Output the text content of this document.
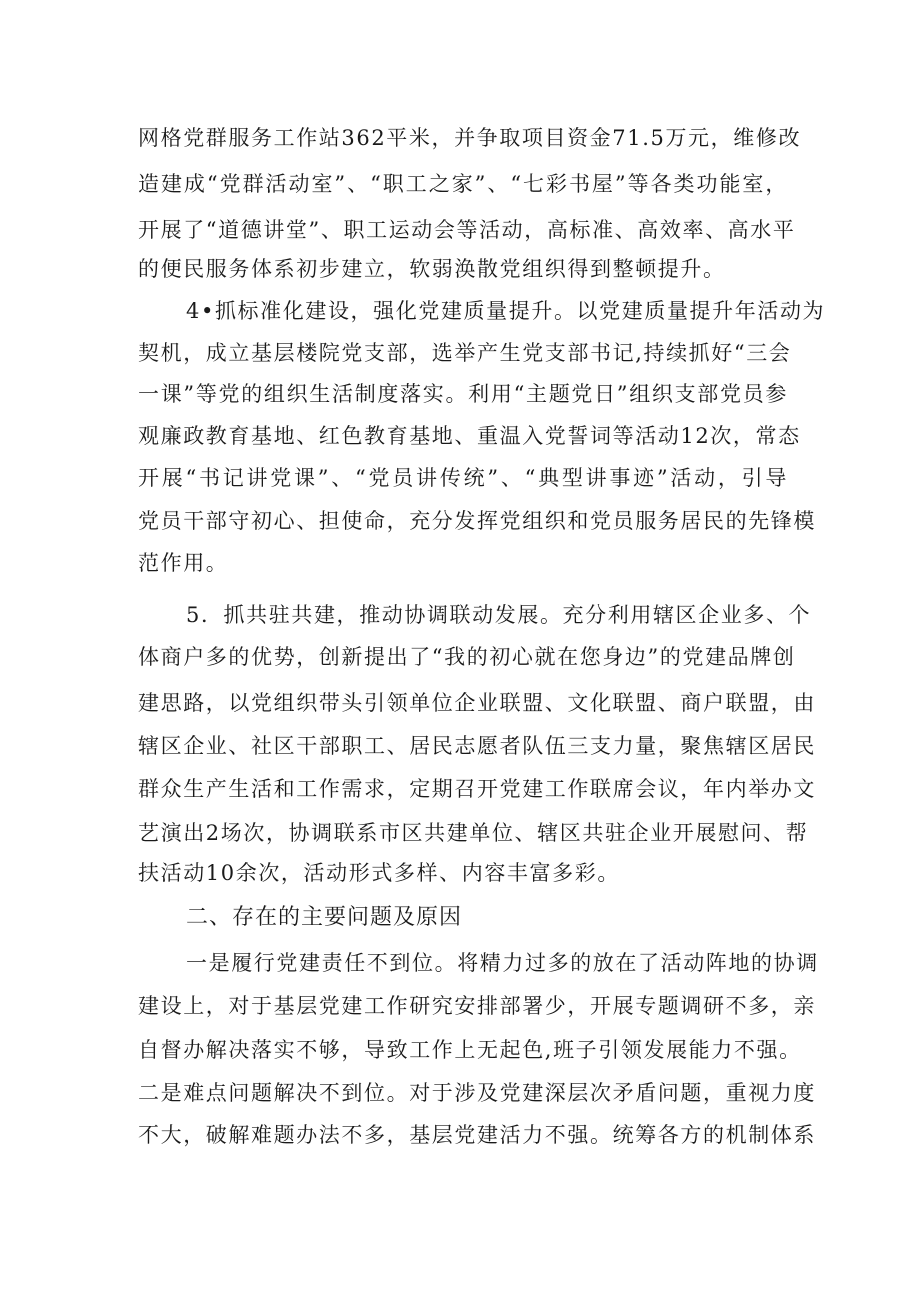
网格党群服务工作站362平米，并争取项目资金71.5万元，维修改
造建成“党群活动室”、“职工之家”、“七彩书屋”等各类功能室，
开展了“道德讲堂”、职工运动会等活动，高标准、高效率、高水平
的便民服务体系初步建立，软弱涣散党组织得到整顿提升。
4•抓标准化建设，强化党建质量提升。以党建质量提升年活动为
契机，成立基层楼院党支部，选举产生党支部书记,持续抓好“三会
一课”等党的组织生活制度落实。利用“主题党日”组织支部党员参
观廉政教育基地、红色教育基地、重温入党誓词等活动12次，常态
开展“书记讲党课”、“党员讲传统”、“典型讲事迹”活动，引导
党员干部守初心、担使命，充分发挥党组织和党员服务居民的先锋模
范作用。
5．抓共驻共建，推动协调联动发展。充分利用辖区企业多、个
体商户多的优势，创新提出了“我的初心就在您身边”的党建品牌创
建思路，以党组织带头引领单位企业联盟、文化联盟、商户联盟，由
辖区企业、社区干部职工、居民志愿者队伍三支力量，聚焦辖区居民
群众生产生活和工作需求，定期召开党建工作联席会议，年内举办文
艺演出2场次，协调联系市区共建单位、辖区共驻企业开展慰问、帮
扶活动10余次，活动形式多样、内容丰富多彩。
二、存在的主要问题及原因
一是履行党建责任不到位。将精力过多的放在了活动阵地的协调
建设上，对于基层党建工作研究安排部署少，开展专题调研不多，亲
自督办解决落实不够，导致工作上无起色,班子引领发展能力不强。
二是难点问题解决不到位。对于涉及党建深层次矛盾问题，重视力度
不大，破解难题办法不多，基层党建活力不强。统筹各方的机制体系
